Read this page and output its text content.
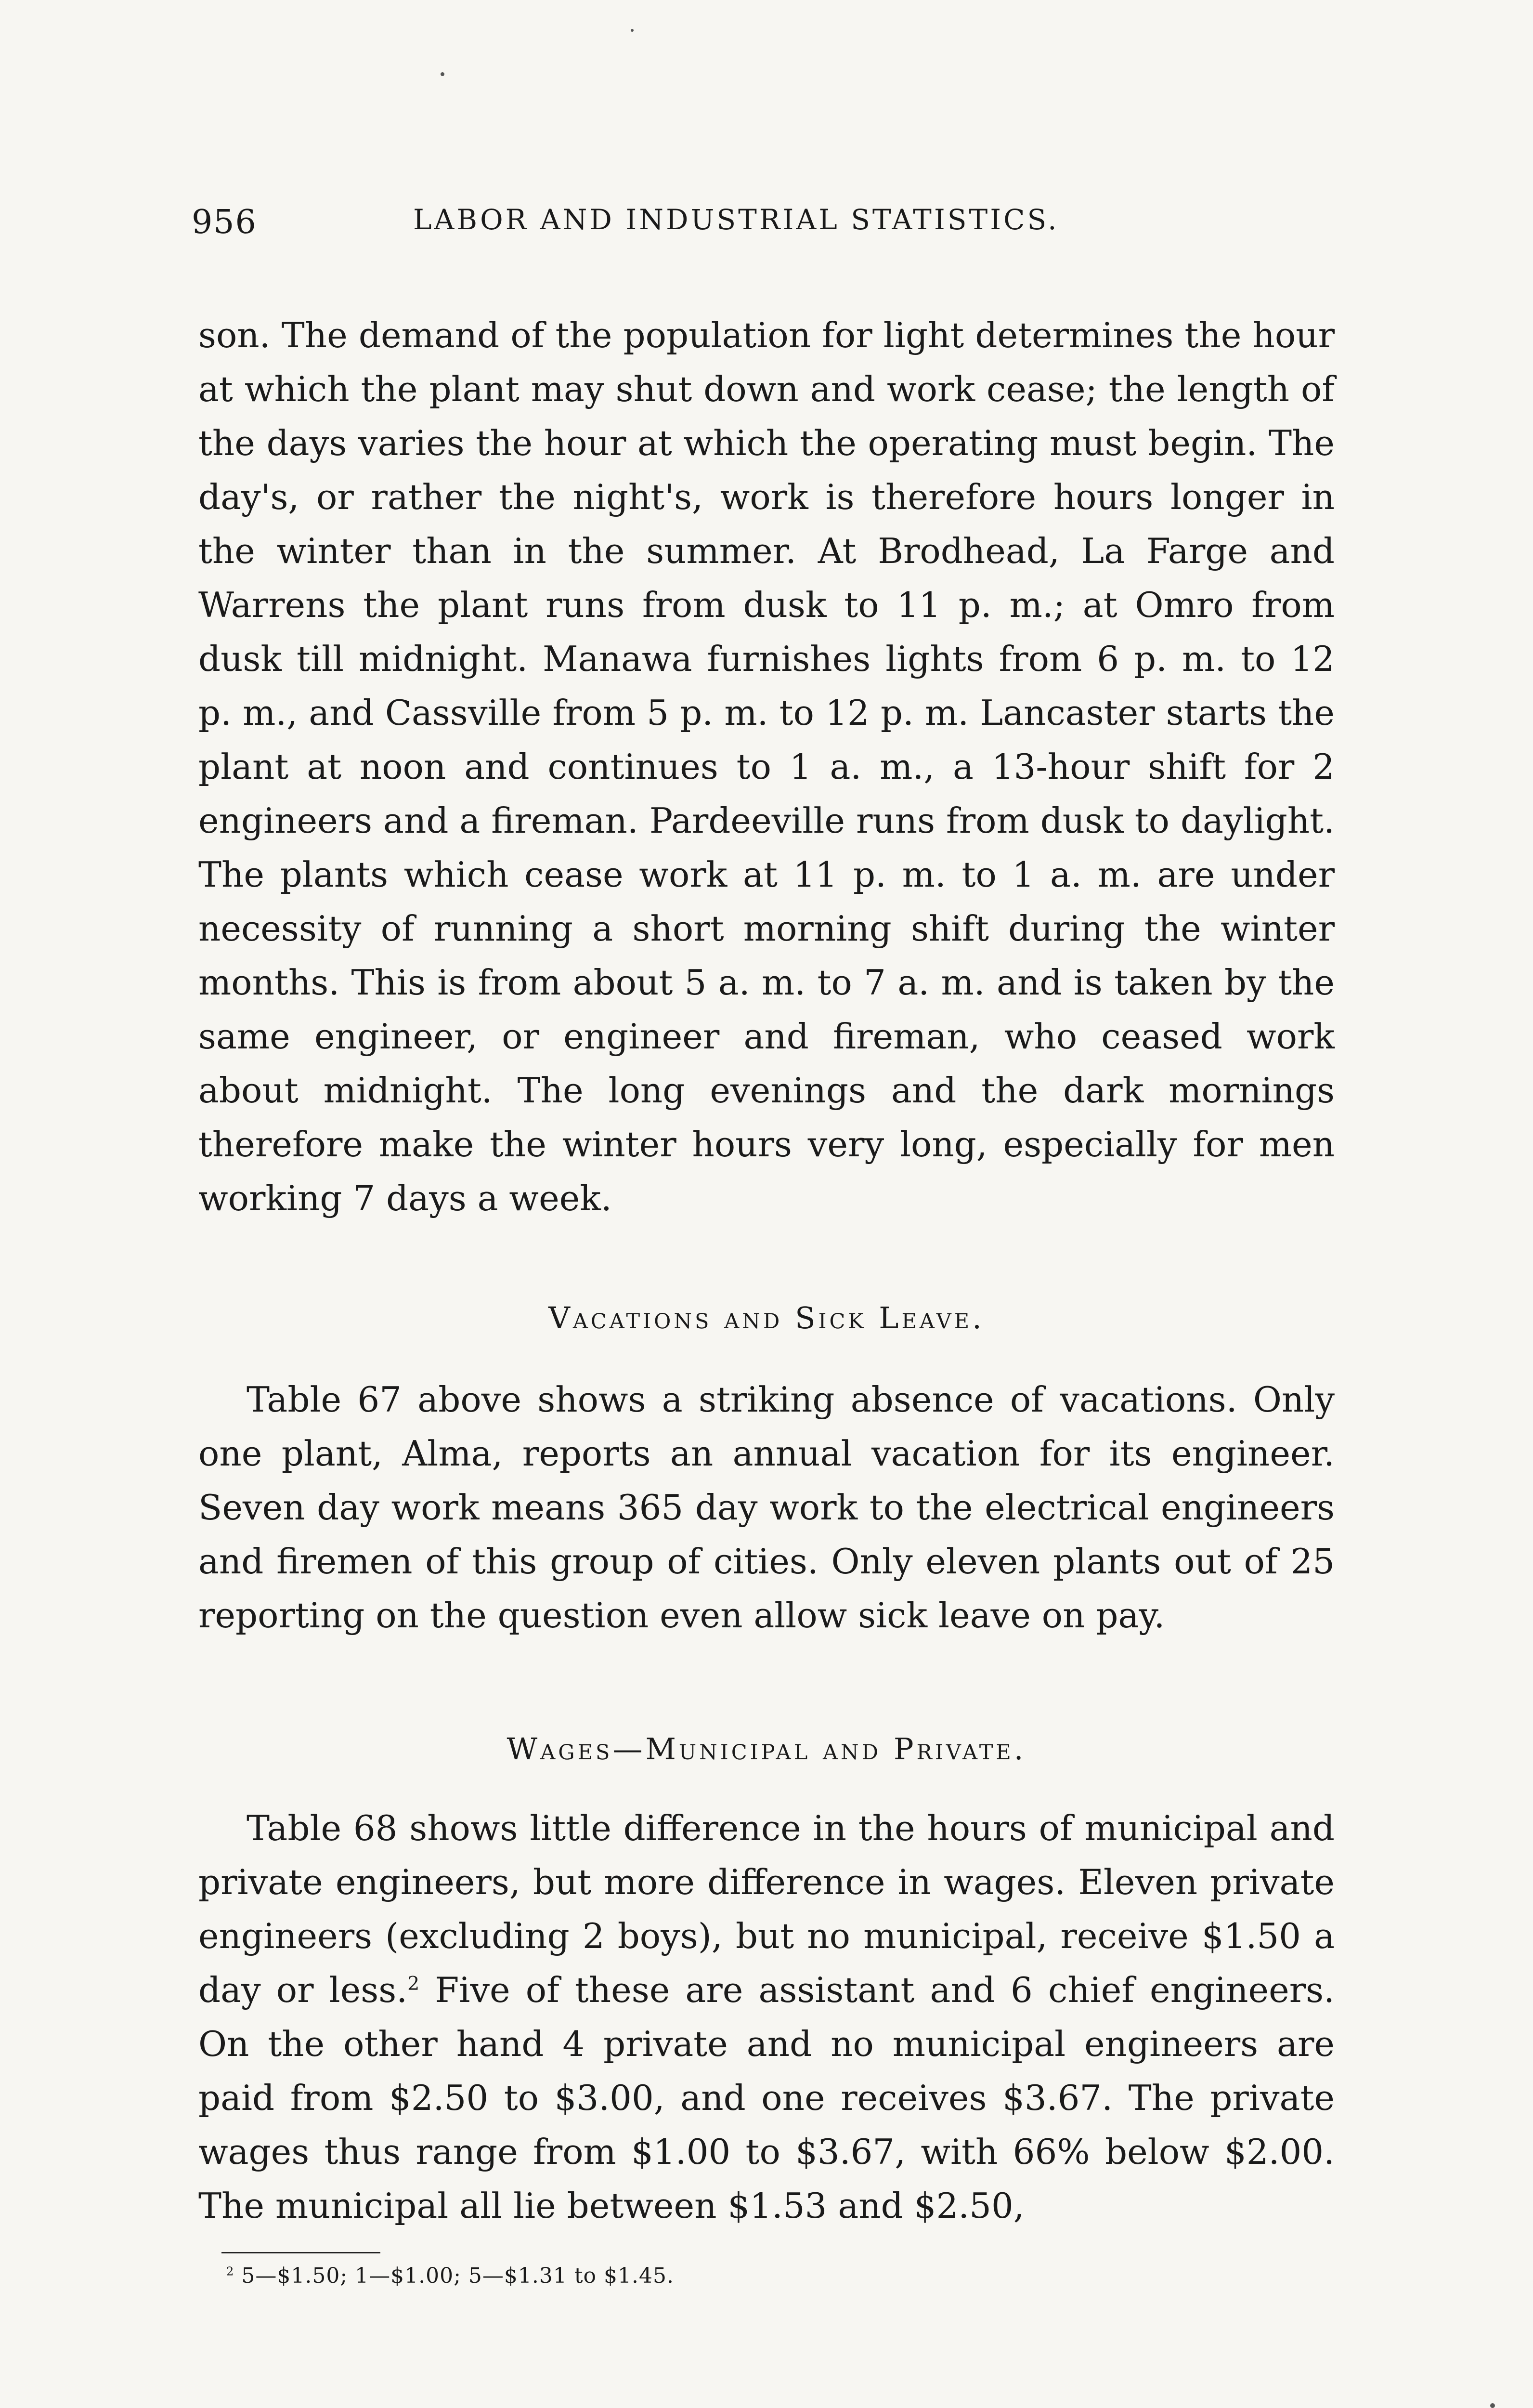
956	LABOR AND INDUSTRIAL STATISTICS.

son. The demand of the population for light determines the hour at which the plant may shut down and work cease; the length of the days varies the hour at which the operating must begin. The day's, or rather the night's, work is therefore hours longer in the winter than in the summer. At Brodhead, La Farge and Warrens the plant runs from dusk to 11 p. m.; at Omro from dusk till midnight. Manawa furnishes lights from 6 p. m. to 12 p. m., and Cassville from 5 p. m. to 12 p. m. Lancaster starts the plant at noon and continues to 1 a. m., a 13-hour shift for 2 engineers and a fireman. Pardeeville runs from dusk to daylight. The plants which cease work at 11 p. m. to 1 a. m. are under necessity of running a short morning shift during the winter months. This is from about 5 a. m. to 7 a. m. and is taken by the same engineer, or engineer and fireman, who ceased work about midnight. The long evenings and the dark mornings therefore make the winter hours very long, especially for men working 7 days a week.

Vacations and Sick Leave.

Table 67 above shows a striking absence of vacations. Only one plant, Alma, reports an annual vacation for its engineer. Seven day work means 365 day work to the electrical engineers and firemen of this group of cities. Only eleven plants out of 25 reporting on the question even allow sick leave on pay.

Wages—Municipal and Private.

Table 68 shows little difference in the hours of municipal and private engineers, but more difference in wages. Eleven private engineers (excluding 2 boys), but no municipal, receive $1.50 a day or less.$^2$ Five of these are assistant and 6 chief engineers. On the other hand 4 private and no municipal engineers are paid from $2.50 to $3.00, and one receives $3.67. The private wages thus range from $1.00 to $3.67, with 66% below $2.00. The municipal all lie between $1.53 and $2.50,

$^2$ 5—$1.50; 1—$1.00; 5—$1.31 to $1.45.
